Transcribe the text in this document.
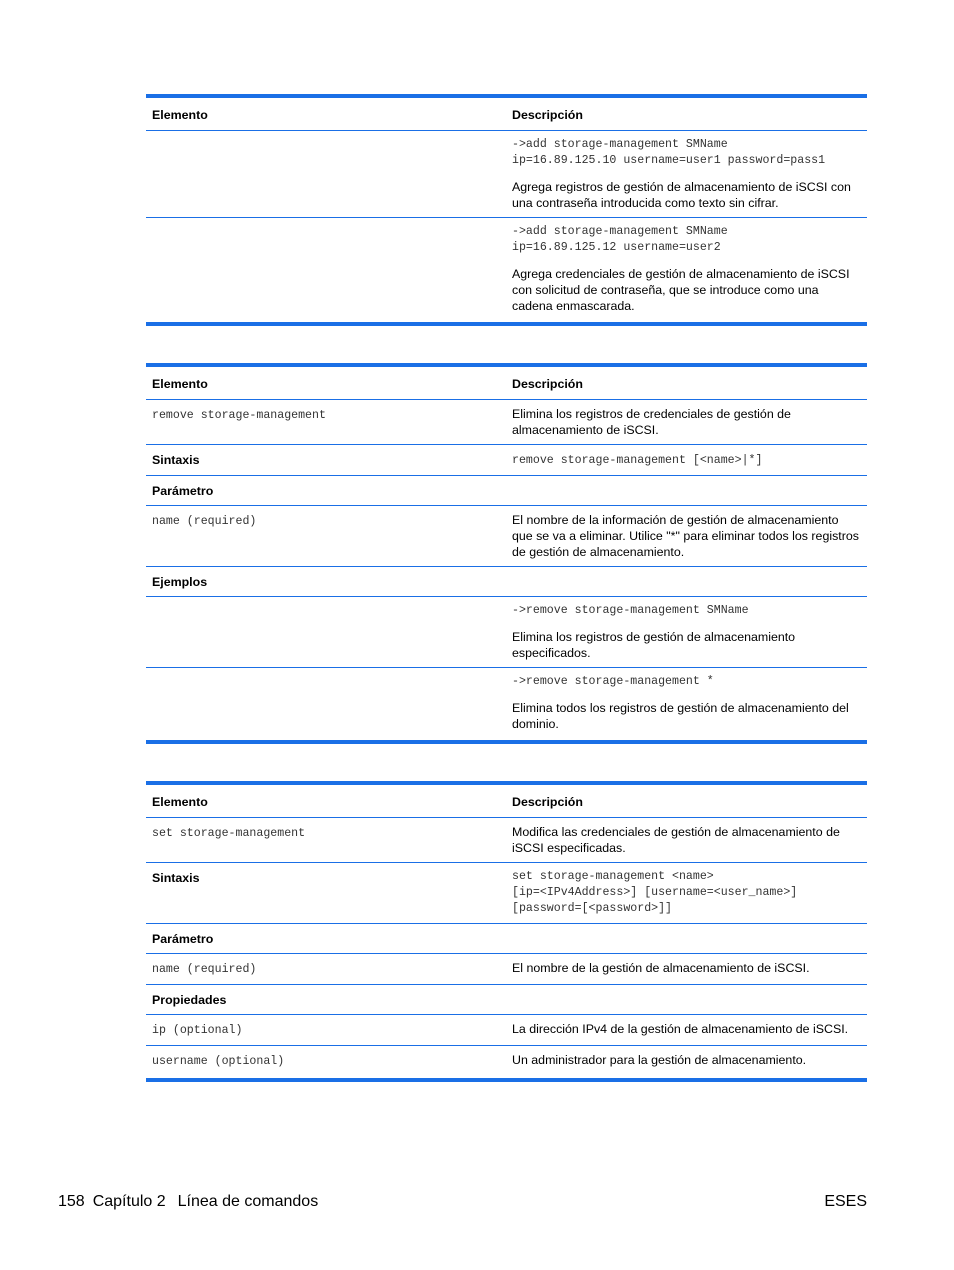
Elemento	Descripción

	->add storage-management SMName
ip=16.89.125.10 username=user1 password=pass1

Agrega registros de gestión de almacenamiento de iSCSI con una contraseña introducida como texto sin cifrar.

	->add storage-management SMName
ip=16.89.125.12 username=user2

Agrega credenciales de gestión de almacenamiento de iSCSI con solicitud de contraseña, que se introduce como una cadena enmascarada.

Elemento	Descripción
remove storage-management	Elimina los registros de credenciales de gestión de almacenamiento de iSCSI.
Sintaxis	remove storage-management [<name>|*]
Parámetro	
name (required)	El nombre de la información de gestión de almacenamiento que se va a eliminar. Utilice "*" para eliminar todos los registros de gestión de almacenamiento.
Ejemplos	

	->remove storage-management SMName

Elimina los registros de gestión de almacenamiento especificados.

	->remove storage-management *

Elimina todos los registros de gestión de almacenamiento del dominio.

Elemento	Descripción
set storage-management	Modifica las credenciales de gestión de almacenamiento de iSCSI especificadas.
Sintaxis	set storage-management <name>
[ip=<IPv4Address>] [username=<user_name>]
[password=[<password>]]

Parámetro	
name (required)	El nombre de la gestión de almacenamiento de iSCSI.
Propiedades	
ip (optional)	La dirección IPv4 de la gestión de almacenamiento de iSCSI.
username (optional)	Un administrador para la gestión de almacenamiento.
158 Capítulo 2 Línea de comandos	ESES
